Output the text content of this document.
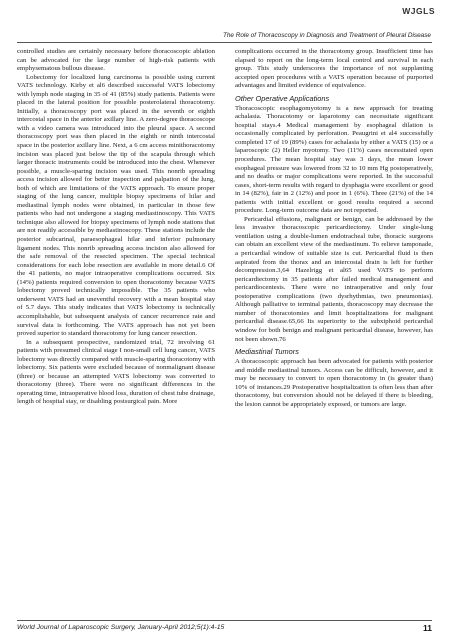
WJGLS
The Role of Thoracoscopy in Diagnosis and Treatment of Pleural Disease

controlled studies are certainly necessary before thoracoscopic ablation can be advocated for the large number of high-risk patients with emphysematous bullous disease.

Lobectomy for localized lung carcinoma is possible using current VATS technology. Kirby et al6 described successful VATS lobectomy with lymph node staging in 35 of 41 (85%) study patients. Patients were placed in the lateral position for possible posterolateral thoracotomy. Initially, a thoracoscopy port was placed in the seventh or eighth intercostal space in the anterior axillary line. A zero-degree thoracoscope with a video camera was introduced into the pleural space. A second thoracoscopy port was then placed in the eighth or ninth intercostal space in the posterior axillary line. Next, a 6 cm access minithoracotomy incision was placed just below the tip of the scapula through which larger thoracic instruments could be introduced into the chest. Whenever possible, a muscle-sparing incision was used. This nonrib spreading access incision allowed for better inspection and palpation of the lung, both of which are limitations of the VATS approach. To ensure proper staging of the lung cancer, multiple biopsy specimens of hilar and mediastinal lymph nodes were obtained, in particular in those few patients who had not undergone a staging mediastinoscopy. This VATS technique also allowed for biopsy specimens of lymph node stations that are not readily accessible by mediastinoscopy. These stations include the posterior subcarinal, paraesophageal hilar and inferior pulmonary ligament nodes. This nonrib spreading access incision also allowed for the safe removal of the resected specimen. The special technical considerations for each lobe resection are available in more detail.6 Of the 41 patients, no major intraoperative complications occurred. Six (14%) patients required conversion to open thoracotomy because VATS lobectomy proved technically impossible. The 35 patients who underwent VATS had an uneventful recovery with a mean hospital stay of 5.7 days. This study indicates that VATS lobectomy is technically accomplishable, but subsequent analysis of cancer recurrence rate and survival data is forthcoming. The VATS approach has not yet been proved superior to standard thoracotomy for lung cancer resection.

In a subsequent prospective, randomized trial, 72 involving 61 patients with presumed clinical stage I non-small cell lung cancer, VATS lobectomy was directly compared with muscle-sparing thoracotomy with lobectomy. Six patients were excluded because of nonmalignant disease (three) or because an attempted VATS lobectomy was converted to thoracotomy (three). There were no significant differences in the operating time, intraoperative blood loss, duration of chest tube drainage, length of hospital stay, or disabling postsurgical pain. More

complications occurred in the thoracotomy group. Insufficient time has elapsed to report on the long-term local control and survival in each group. This study underscores the importance of not supplanting accepted open procedures with a VATS operation because of purported advantages and limited evidence of equivalence.

Other Operative Applications

Thoracoscopic esophagomyotomy is a new approach for treating achalasia. Thoracotomy or laparotomy can necessitate significant hospital stays.4 Medical management by esophageal dilation is occasionally complicated by perforation. Peaugrini et al4 successfully completed 17 of 19 (89%) cases for achalasia by either a VATS (15) or a laparoscopic (2) Heller myotomy. Two (11%) cases necessitated open procedures. The mean hospital stay was 3 days, the mean lower esophageal pressure was lowered from 32 to 10 mm Hg postoperatively, and no deaths or major complications were reported. In the successful cases, short-term results with regard to dysphagia were excellent or good in 14 (82%), fair in 2 (12%) and poor in 1 (6%). Three (21%) of the 14 patients with initial excellent or good results required a second procedure. Long-term outcome data are not reported.

Pericardial effusions, malignant or benign, can be addressed by the less invasive thoracoscopic pericardiectomy. Under single-lung ventilation using a double-lumen endotracheal tube, thoracic surgeons can obtain an excellent view of the mediastinum. To relieve tamponade, a pericardial window of suitable size is cut. Pericardial fluid is then aspirated from the thorax and an intercostal drain is left for further decompression.3,64 Hazelrigg et al65 used VATS to perform pericardiectomy in 35 patients after failed medical management and pericardiocentesis. There were no intraoperative and only four postoperative complications (two dysrhythmias, two pneumonias). Although palliative to terminal patients, thoracoscopy may decrease the number of thoracotomies and limit hospitalizations for malignant pericardial disease.65,66 Its superiority to the subxiphoid pericardial window for both benign and malignant pericardial disease, however, has not been shown.76

Mediastinal Tumors

A thoracoscopic approach has been advocated for patients with posterior and middle mediastinal tumors. Access can be difficult, however, and it may be necessary to convert to open thoracotomy in (is greater than) 10% of instances.29 Postoperative hospitalization is often less than after thoracotomy, but conversion should not be delayed if there is bleeding, the lesion cannot be appropriately exposed, or tumors are large.

World Journal of Laparoscopic Surgery, January-April 2012;5(1):4-15	11
